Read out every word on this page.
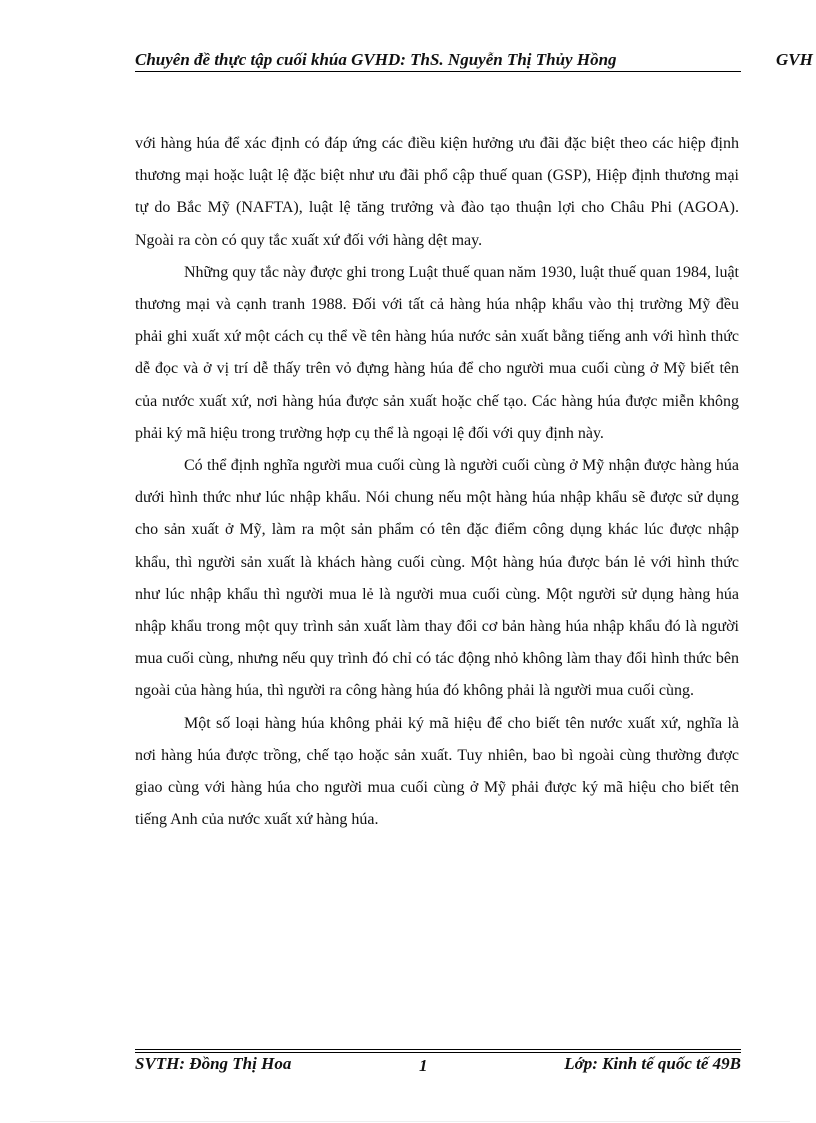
Chuyên đề thực tập cuối khúa GVHD: ThS. Nguyễn Thị Thủy Hồng	GVH

với hàng húa để xác định có đáp ứng các điều kiện hưởng ưu đãi đặc biệt theo các hiệp định thương mại hoặc luật lệ đặc biệt như ưu đãi phổ cập thuế quan (GSP), Hiệp định thương mại tự do Bắc Mỹ (NAFTA), luật lệ tăng trưởng và đào tạo thuận lợi cho Châu Phi (AGOA). Ngoài ra còn có quy tắc xuất xứ đối với hàng dệt may.

Những quy tắc này được ghi trong Luật thuế quan năm 1930, luật thuế quan 1984, luật thương mại và cạnh tranh 1988. Đối với tất cả hàng húa nhập khẩu vào thị trường Mỹ đều phải ghi xuất xứ một cách cụ thể về tên hàng húa nước sản xuất bằng tiếng anh với hình thức dễ đọc và ở vị trí dễ thấy trên vỏ đựng hàng húa để cho người mua cuối cùng ở Mỹ biết tên của nước xuất xứ, nơi hàng húa được sản xuất hoặc chế tạo. Các hàng húa được miễn không phải ký mã hiệu trong trường hợp cụ thể là ngoại lệ đối với quy định này.

Có thể định nghĩa người mua cuối cùng là người cuối cùng ở Mỹ nhận được hàng húa dưới hình thức như lúc nhập khẩu. Nói chung nếu một hàng húa nhập khẩu sẽ được sử dụng cho sản xuất ở Mỹ, làm ra một sản phẩm có tên đặc điểm công dụng khác lúc được nhập khẩu, thì người sản xuất là khách hàng cuối cùng. Một hàng húa được bán lẻ với hình thức như lúc nhập khẩu thì người mua lẻ là người mua cuối cùng. Một người sử dụng hàng húa nhập khẩu trong một quy trình sản xuất làm thay đổi cơ bản hàng húa nhập khẩu đó là người mua cuối cùng, nhưng nếu quy trình đó chỉ có tác động nhỏ không làm thay đổi hình thức bên ngoài của hàng húa, thì người ra công hàng húa đó không phải là người mua cuối cùng.

Một số loại hàng húa không phải ký mã hiệu để cho biết tên nước xuất xứ, nghĩa là nơi hàng húa được trồng, chế tạo hoặc sản xuất. Tuy nhiên, bao bì ngoài cùng thường được giao cùng với hàng húa cho người mua cuối cùng ở Mỹ phải được ký mã hiệu cho biết tên tiếng Anh của nước xuất xứ hàng húa.

SVTH: Đồng Thị Hoa	1	Lớp: Kinh tế quốc tế 49B
